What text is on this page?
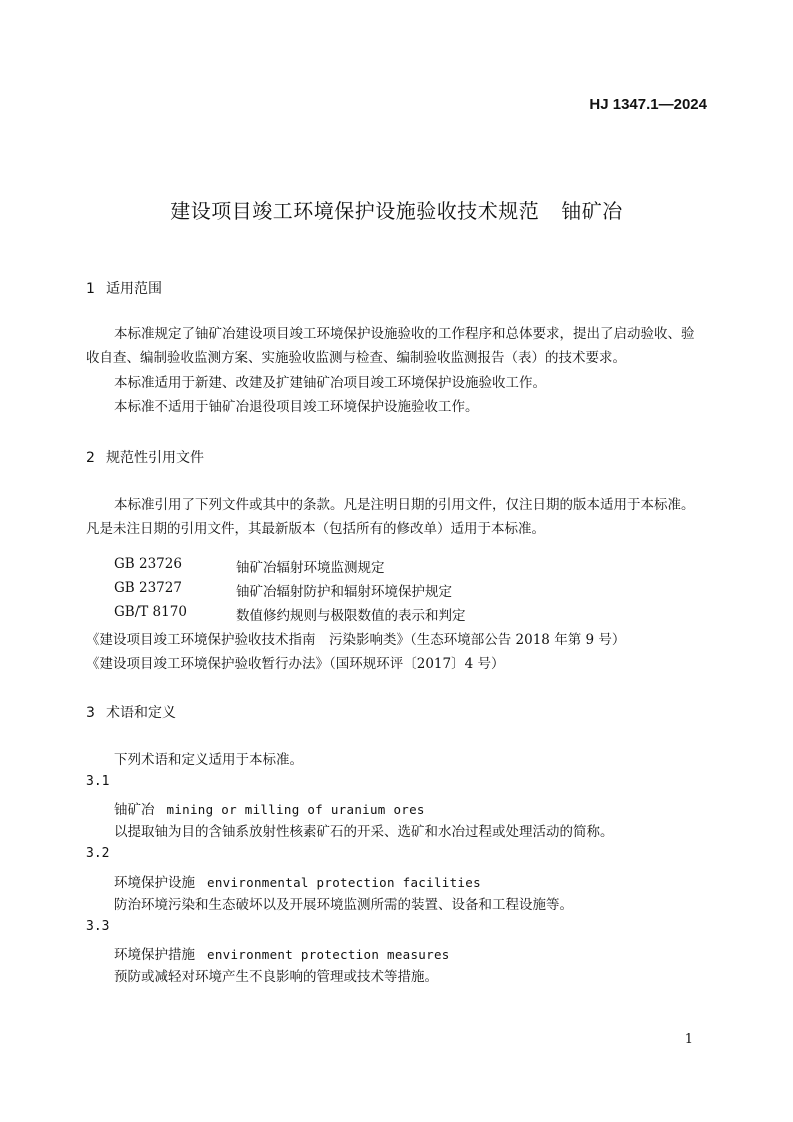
HJ 1347.1—2024
建设项目竣工环境保护设施验收技术规范 铀矿冶
1 适用范围
本标准规定了铀矿冶建设项目竣工环境保护设施验收的工作程序和总体要求，提出了启动验收、验
收自查、编制验收监测方案、实施验收监测与检查、编制验收监测报告（表）的技术要求。
本标准适用于新建、改建及扩建铀矿冶项目竣工环境保护设施验收工作。
本标准不适用于铀矿冶退役项目竣工环境保护设施验收工作。
2 规范性引用文件
本标准引用了下列文件或其中的条款。凡是注明日期的引用文件，仅注日期的版本适用于本标准。
凡是未注日期的引用文件，其最新版本（包括所有的修改单）适用于本标准。
GB 23726	铀矿冶辐射环境监测规定
GB 23727	铀矿冶辐射防护和辐射环境保护规定
GB/T 8170	数值修约规则与极限数值的表示和判定
《建设项目竣工环境保护验收技术指南　污染影响类》（生态环境部公告 2018 年第 9 号）
《建设项目竣工环境保护验收暂行办法》（国环规环评〔2017〕4 号）
3 术语和定义
下列术语和定义适用于本标准。
3.1
铀矿冶 mining or milling of uranium ores
以提取铀为目的含铀系放射性核素矿石的开采、选矿和水冶过程或处理活动的简称。
3.2
环境保护设施 environmental protection facilities
防治环境污染和生态破坏以及开展环境监测所需的装置、设备和工程设施等。
3.3
环境保护措施 environment protection measures
预防或减轻对环境产生不良影响的管理或技术等措施。
1
